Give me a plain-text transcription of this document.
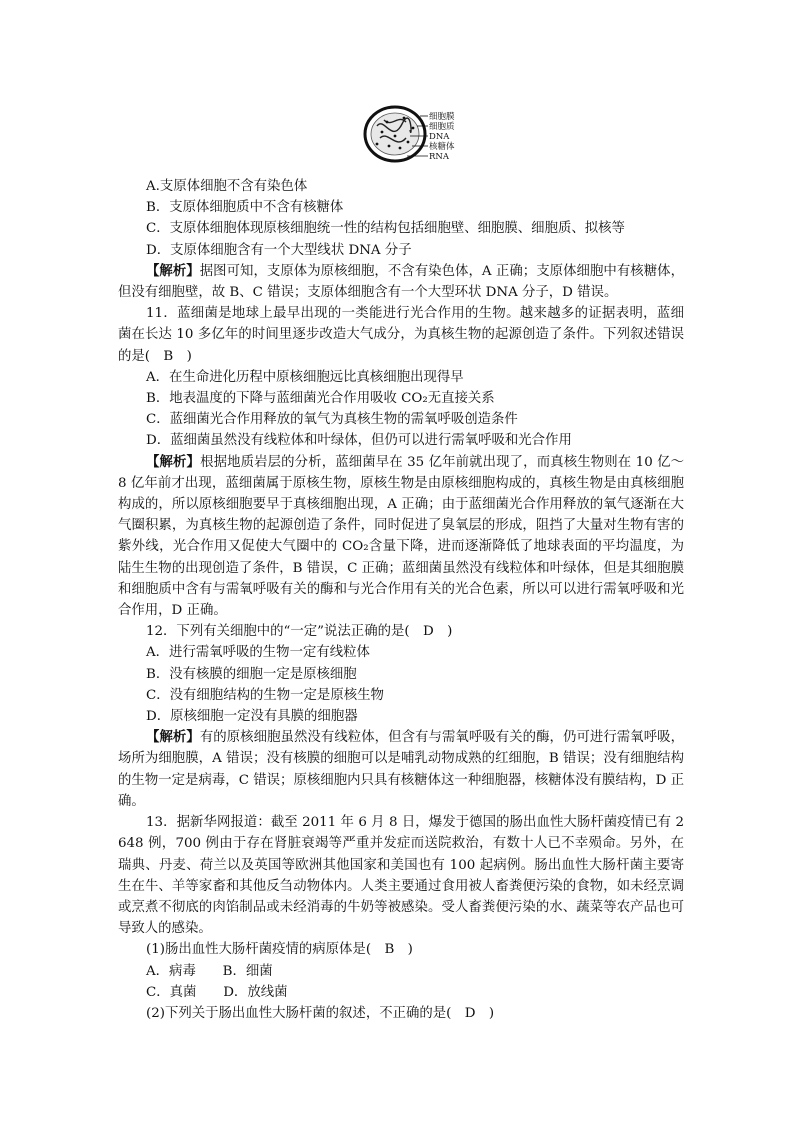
细胞膜
细胞质
DNA
核糖体
RNA

A.支原体细胞不含有染色体

B．支原体细胞质中不含有核糖体

C．支原体细胞体现原核细胞统一性的结构包括细胞壁、细胞膜、细胞质、拟核等

D．支原体细胞含有一个大型线状 DNA 分子

【解析】据图可知，支原体为原核细胞，不含有染色体，A 正确；支原体细胞中有核糖体，但没有细胞壁，故 B、C 错误；支原体细胞含有一个大型环状 DNA 分子，D 错误。

11．蓝细菌是地球上最早出现的一类能进行光合作用的生物。越来越多的证据表明，蓝细菌在长达 10 多亿年的时间里逐步改造大气成分，为真核生物的起源创造了条件。下列叙述错误的是(　B　)

A．在生命进化历程中原核细胞远比真核细胞出现得早

B．地表温度的下降与蓝细菌光合作用吸收 CO₂无直接关系

C．蓝细菌光合作用释放的氧气为真核生物的需氧呼吸创造条件

D．蓝细菌虽然没有线粒体和叶绿体，但仍可以进行需氧呼吸和光合作用

【解析】根据地质岩层的分析，蓝细菌早在 35 亿年前就出现了，而真核生物则在 10 亿～8 亿年前才出现，蓝细菌属于原核生物，原核生物是由原核细胞构成的，真核生物是由真核细胞构成的，所以原核细胞要早于真核细胞出现，A 正确；由于蓝细菌光合作用释放的氧气逐渐在大气圈积累，为真核生物的起源创造了条件，同时促进了臭氧层的形成，阻挡了大量对生物有害的紫外线，光合作用又促使大气圈中的 CO₂含量下降，进而逐渐降低了地球表面的平均温度，为陆生生物的出现创造了条件，B 错误，C 正确；蓝细菌虽然没有线粒体和叶绿体，但是其细胞膜和细胞质中含有与需氧呼吸有关的酶和与光合作用有关的光合色素，所以可以进行需氧呼吸和光合作用，D 正确。

12．下列有关细胞中的“一定”说法正确的是(　D　)

A．进行需氧呼吸的生物一定有线粒体

B．没有核膜的细胞一定是原核细胞

C．没有细胞结构的生物一定是原核生物

D．原核细胞一定没有具膜的细胞器

【解析】有的原核细胞虽然没有线粒体，但含有与需氧呼吸有关的酶，仍可进行需氧呼吸，场所为细胞膜，A 错误；没有核膜的细胞可以是哺乳动物成熟的红细胞，B 错误；没有细胞结构的生物一定是病毒，C 错误；原核细胞内只具有核糖体这一种细胞器，核糖体没有膜结构，D 正确。

13．据新华网报道：截至 2011 年 6 月 8 日，爆发于德国的肠出血性大肠杆菌疫情已有 2 648 例，700 例由于存在肾脏衰竭等严重并发症而送院救治，有数十人已不幸殒命。另外，在瑞典、丹麦、荷兰以及英国等欧洲其他国家和美国也有 100 起病例。肠出血性大肠杆菌主要寄生在牛、羊等家畜和其他反刍动物体内。人类主要通过食用被人畜粪便污染的食物，如未经烹调或烹煮不彻底的肉馅制品或未经消毒的牛奶等被感染。受人畜粪便污染的水、蔬菜等农产品也可导致人的感染。

(1)肠出血性大肠杆菌疫情的病原体是(　B　)

A．病毒　　B．细菌

C．真菌　　D．放线菌

(2)下列关于肠出血性大肠杆菌的叙述，不正确的是(　D　)
